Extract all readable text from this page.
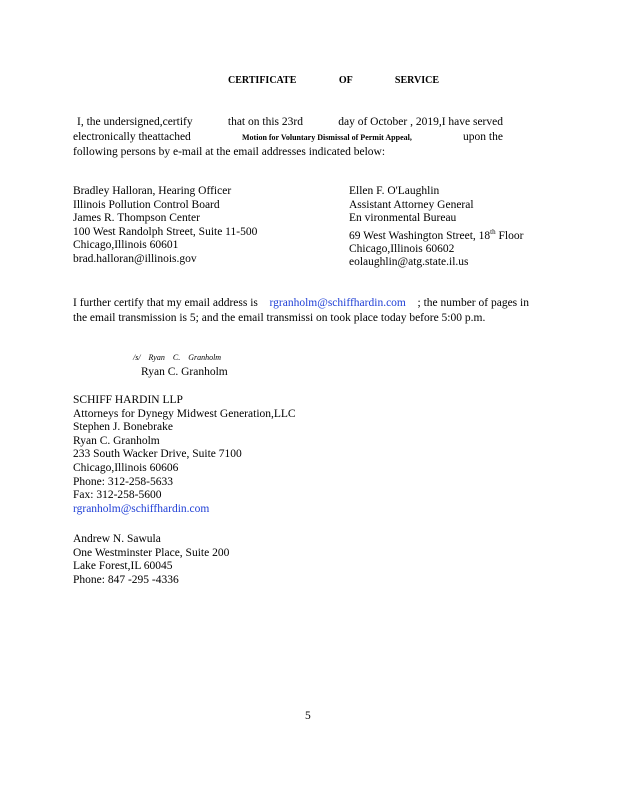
CERTIFICATE OF SERVICE
I, the undersigned,certify	that on this 23rd	day of October , 2019,I have served
electronically theattached	Motion for Voluntary Dismissal of Permit Appeal,	upon the
following persons by e-mail at the email addresses indicated below:
Bradley Halloran, Hearing Officer
Illinois Pollution Control Board
James R. Thompson Center
100 West Randolph Street, Suite 11-500
Chicago,Illinois 60601
brad.halloran@illinois.gov
Ellen F. O'Laughlin
Assistant Attorney General
En vironmental Bureau
69 West Washington Street, 18th Floor
Chicago,Illinois 60602
eolaughlin@atg.state.il.us
I further certify that my email address is rgranholm@schiffhardin.com ; the number of pages in
the email transmission is 5; and the email transmissi on took place today before 5:00 p.m.
/s/ Ryan C. Granholm
Ryan C. Granholm
SCHIFF HARDIN LLP
Attorneys for Dynegy Midwest Generation,LLC
Stephen J. Bonebrake
Ryan C. Granholm
233 South Wacker Drive, Suite 7100
Chicago,Illinois 60606
Phone: 312-258-5633
Fax: 312-258-5600
rgranholm@schiffhardin.com
Andrew N. Sawula
One Westminster Place, Suite 200
Lake Forest,IL 60045
Phone: 847 -295 -4336
5
